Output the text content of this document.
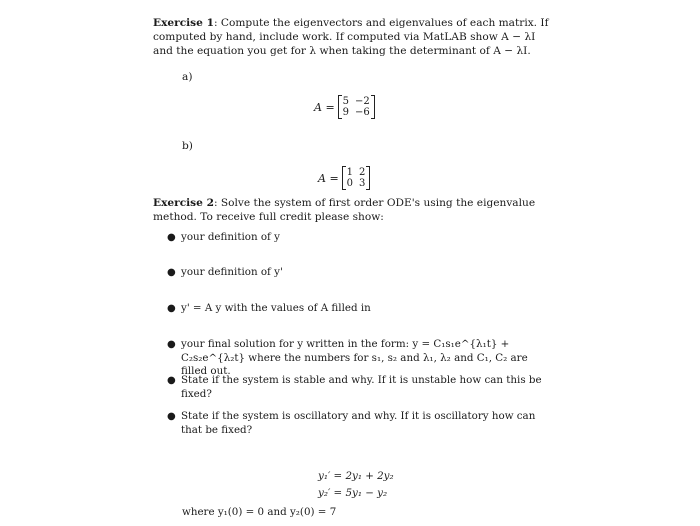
Exercise 1: Compute the eigenvectors and eigenvalues of each matrix. If computed by hand, include work. If computed via MatLAB show A − λI and the equation you get for λ when taking the determinant of A − λI.
a)
A = 5 −2
9 −6
b)
A = 1 2
0 3
Exercise 2: Solve the system of first order ODE's using the eigenvalue method. To receive full credit please show:
● your definition of y
● your definition of y'
● y' = A y with the values of A filled in
● your final solution for y written in the form: y = C₁s₁e^{λ₁t} + C₂s₂e^{λ₂t} where the numbers for s₁, s₂ and λ₁, λ₂ and C₁, C₂ are filled out.
● State if the system is stable and why. If it is unstable how can this be fixed?
● State if the system is oscillatory and why. If it is oscillatory how can that be fixed?
y₁′ = 2y₁ + 2y₂
y₂′ = 5y₁ − y₂
where y₁(0) = 0 and y₂(0) = 7
